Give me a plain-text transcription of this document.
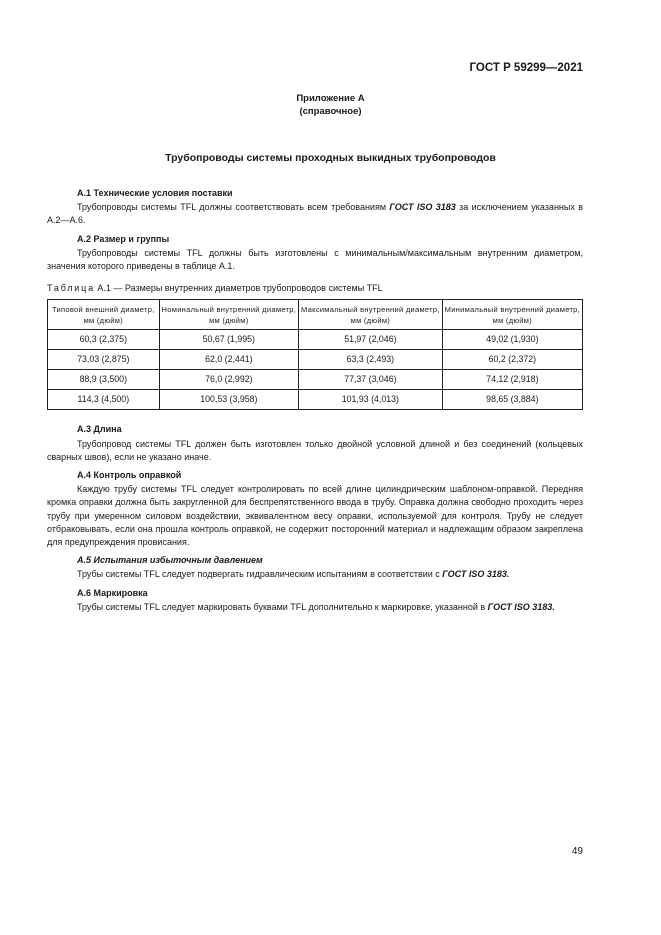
ГОСТ Р 59299—2021
Приложение А
(справочное)
Трубопроводы системы проходных выкидных трубопроводов
А.1 Технические условия поставки

Трубопроводы системы TFL должны соответствовать всем требованиям ГОСТ ISO 3183 за исключением указанных в А.2—А.6.

А.2 Размер и группы

Трубопроводы системы TFL должны быть изготовлены с минимальным/максимальным внутренним диаметром, значения которого приведены в таблице А.1.

Таблица А.1 — Размеры внутренних диаметров трубопроводов системы TFL
Типовой внешний диаметр, мм (дюйм)	Номинальный внутренний диаметр, мм (дюйм)	Максимальный внутренний диаметр, мм (дюйм)	Минимальный внутренний диаметр, мм (дюйм)
60,3 (2,375)	50,67 (1,995)	51,97 (2,046)	49,02 (1,930)
73,03 (2,875)	62,0 (2,441)	63,3 (2,493)	60,2 (2,372)
88,9 (3,500)	76,0 (2,992)	77,37 (3,046)	74,12 (2,918)
114,3 (4,500)	100,53 (3,958)	101,93 (4,013)	98,65 (3,884)
А.3 Длина

Трубопровод системы TFL должен быть изготовлен только двойной условной длиной и без соединений (кольцевых сварных швов), если не указано иначе.

А.4 Контроль оправкой

Каждую трубу системы TFL следует контролировать по всей длине цилиндрическим шаблоном-оправкой. Передняя кромка оправки должна быть закругленной для беспрепятственного ввода в трубу. Оправка должна свободно проходить через трубу при умеренном силовом воздействии, эквивалентном весу оправки, используемой для контроля. Трубу не следует отбраковывать, если она прошла контроль оправкой, не содержит посторонний материал и надлежащим образом закреплена для предупреждения провисания.

А.5 Испытания избыточным давлением

Трубы системы TFL следует подвергать гидравлическим испытаниям в соответствии с ГОСТ ISO 3183.

А.6 Маркировка

Трубы системы TFL следует маркировать буквами TFL дополнительно к маркировке, указанной в ГОСТ ISO 3183.

49
